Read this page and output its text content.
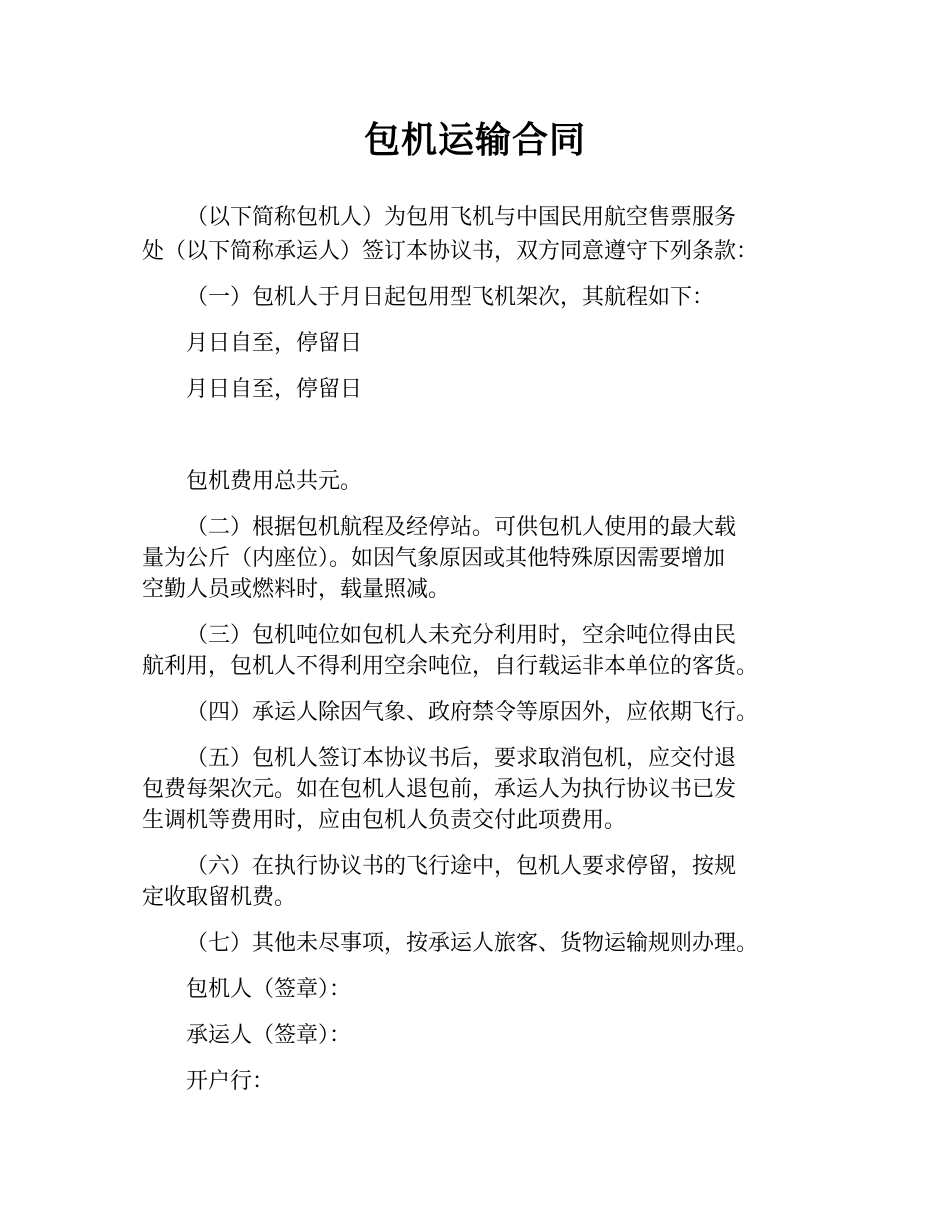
包机运输合同
（以下简称包机人）为包用飞机与中国民用航空售票服务
处（以下简称承运人）签订本协议书，双方同意遵守下列条款：
（一）包机人于月日起包用型飞机架次，其航程如下：
月日自至，停留日
月日自至，停留日
包机费用总共元。
（二）根据包机航程及经停站。可供包机人使用的最大载
量为公斤（内座位）。如因气象原因或其他特殊原因需要增加
空勤人员或燃料时，载量照减。
（三）包机吨位如包机人未充分利用时，空余吨位得由民
航利用，包机人不得利用空余吨位，自行载运非本单位的客货。
（四）承运人除因气象、政府禁令等原因外，应依期飞行。
（五）包机人签订本协议书后，要求取消包机，应交付退
包费每架次元。如在包机人退包前，承运人为执行协议书已发
生调机等费用时，应由包机人负责交付此项费用。
（六）在执行协议书的飞行途中，包机人要求停留，按规
定收取留机费。
（七）其他未尽事项，按承运人旅客、货物运输规则办理。
包机人（签章）：
承运人（签章）：
开户行：
